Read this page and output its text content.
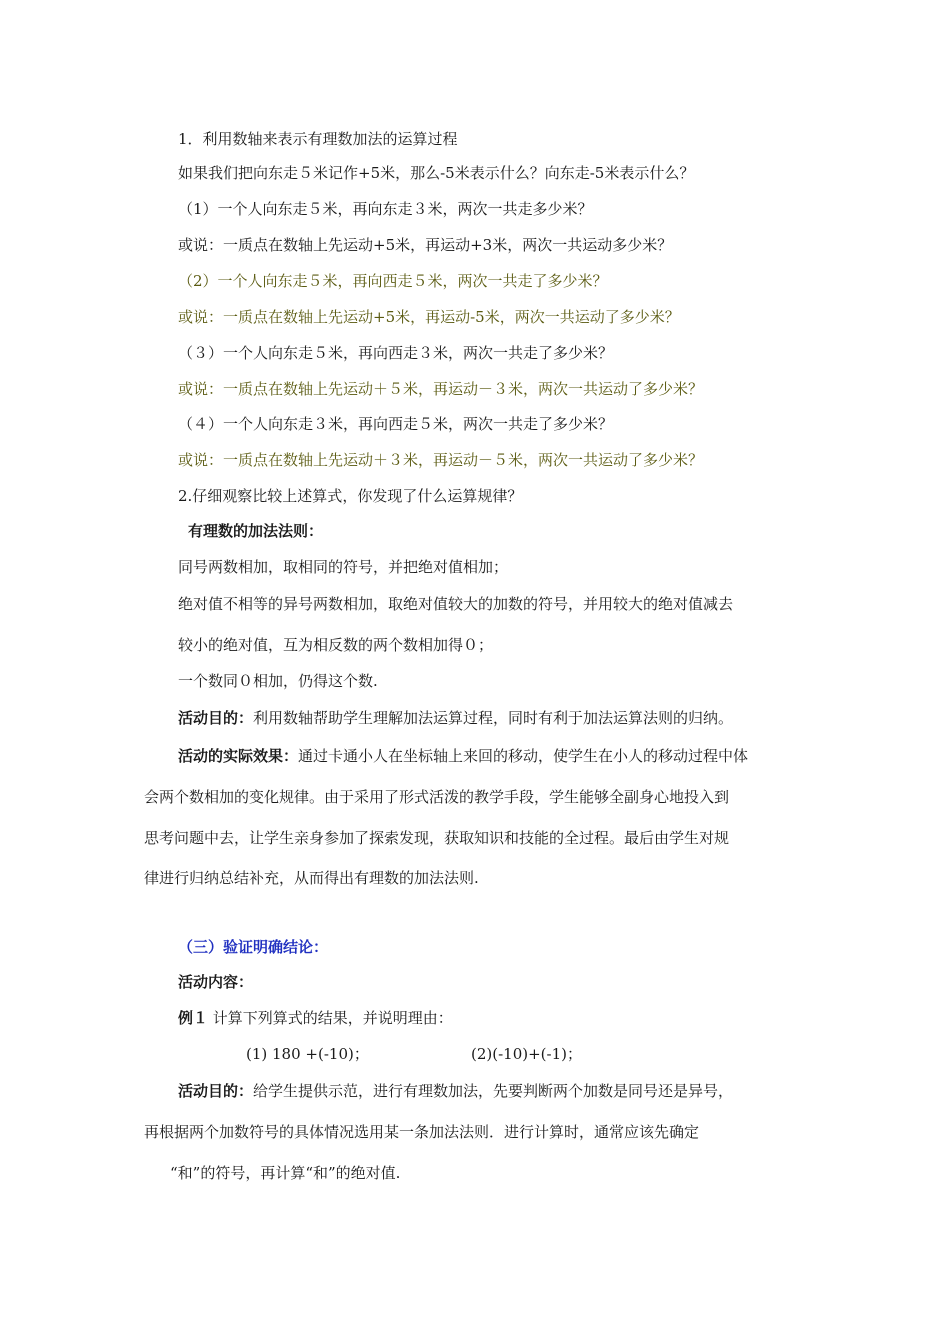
1．利用数轴来表示有理数加法的运算过程
如果我们把向东走５米记作+5米，那么-5米表示什么？向东走-5米表示什么？
（1）一个人向东走５米，再向东走３米，两次一共走多少米？
或说：一质点在数轴上先运动+5米，再运动+3米，两次一共运动多少米？
（2）一个人向东走５米，再向西走５米，两次一共走了多少米？
或说：一质点在数轴上先运动+5米，再运动-5米，两次一共运动了多少米？
（３）一个人向东走５米，再向西走３米，两次一共走了多少米？
或说：一质点在数轴上先运动＋５米，再运动－３米，两次一共运动了多少米？
（４）一个人向东走３米，再向西走５米，两次一共走了多少米？
或说：一质点在数轴上先运动＋３米，再运动－５米，两次一共运动了多少米？
2.仔细观察比较上述算式，你发现了什么运算规律？
有理数的加法法则：
同号两数相加，取相同的符号，并把绝对值相加；
绝对值不相等的异号两数相加，取绝对值较大的加数的符号，并用较大的绝对值减去
较小的绝对值，互为相反数的两个数相加得０；
一个数同０相加，仍得这个数.
活动目的：利用数轴帮助学生理解加法运算过程，同时有利于加法运算法则的归纳。
活动的实际效果：通过卡通小人在坐标轴上来回的移动，使学生在小人的移动过程中体
会两个数相加的变化规律。由于采用了形式活泼的教学手段，学生能够全副身心地投入到
思考问题中去，让学生亲身参加了探索发现，获取知识和技能的全过程。最后由学生对规
律进行归纳总结补充，从而得出有理数的加法法则.
（三）验证明确结论：
活动内容：
例１ 计算下列算式的结果，并说明理由：
(1) 180 +(-10)；	(2)(-10)+(-1)；
活动目的：给学生提供示范，进行有理数加法，先要判断两个加数是同号还是异号，
再根据两个加数符号的具体情况选用某一条加法法则．进行计算时，通常应该先确定
“和”的符号，再计算“和”的绝对值.
